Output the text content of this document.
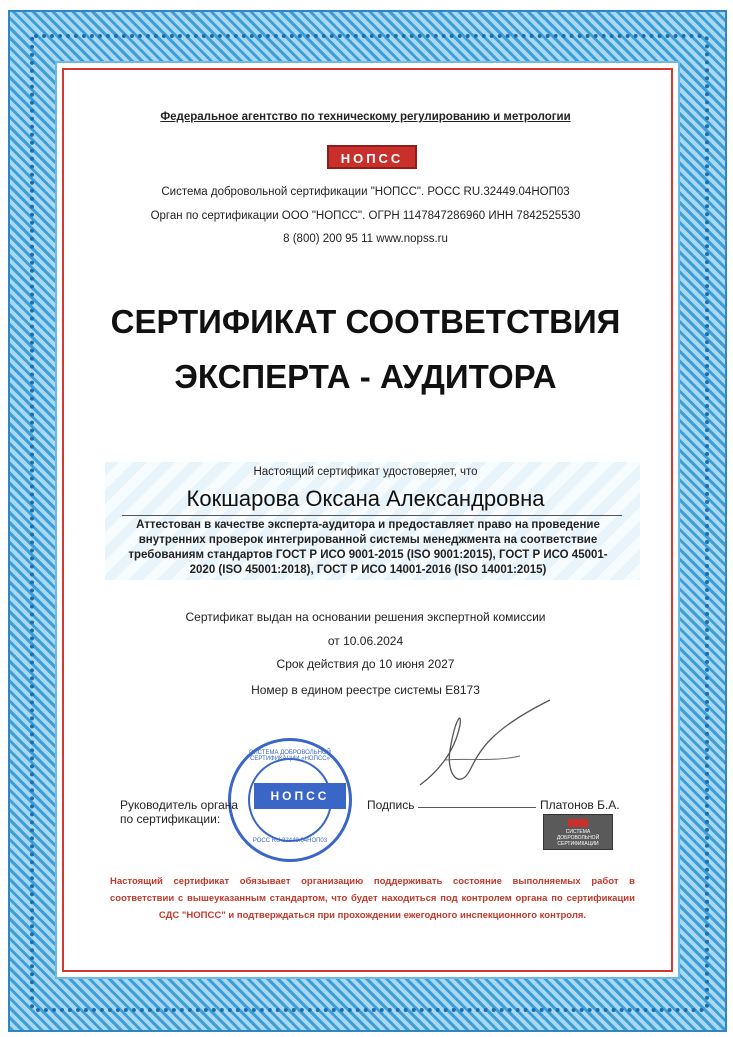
Федеральное агентство по техническому регулированию и метрологии
НОПСС
Система добровольной сертификации "НОПСС". РОСС RU.32449.04НОП03
Орган по сертификации ООО "НОПСС". ОГРН 1147847286960 ИНН 7842525530
8 (800) 200 95 11 www.nopss.ru
СЕРТИФИКАТ СООТВЕТСТВИЯ
ЭКСПЕРТА - АУДИТОРА
Настоящий сертификат удостоверяет, что
Кокшарова Оксана Александровна
Аттестован в качестве эксперта-аудитора и предоставляет право на проведение внутренних проверок интегрированной системы менеджмента на соответствие требованиям стандартов ГОСТ Р ИСО 9001-2015 (ISO 9001:2015), ГОСТ Р ИСО 45001-2020 (ISO 45001:2018), ГОСТ Р ИСО 14001-2016 (ISO 14001:2015)
Сертификат выдан на основании решения экспертной комиссии
от 10.06.2024
Срок действия до 10 июня 2027
Номер в едином реестре системы Е8173
СИСТЕМА ДОБРОВОЛЬНОЙ СЕРТИФИКАЦИИ «НОПСС»
НОПСС
РОСС RU.32449.04НОП03
Руководитель органа
по сертификации:
Подпись	Платонов Б.А.
СИСТЕМА ДОБРОВОЛЬНОЙ СЕРТИФИКАЦИИ
Настоящий сертификат обязывает организацию поддерживать состояние выполняемых работ в соответствии с вышеуказанным стандартом, что будет находиться под контролем органа по сертификации СДС "НОПСС" и подтверждаться при прохождении ежегодного инспекционного контроля.
